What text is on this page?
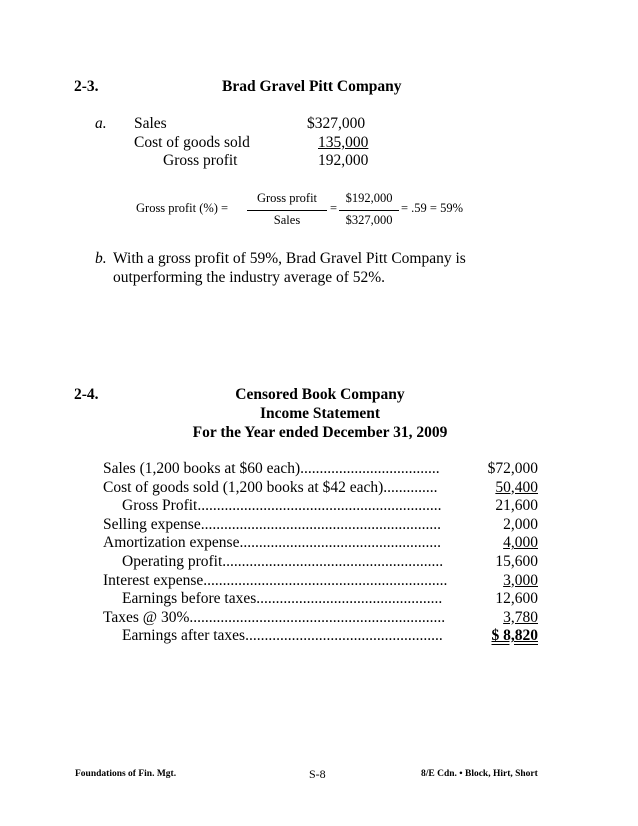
2-3.	Brad Gravel Pitt Company
a. Sales	$327,000
Cost of goods sold	135,000
Gross profit	192,000
Gross profit (%) =
Gross profit
Sales
=
$192,000
$327,000
= .59 = 59%
b. With a gross profit of 59%, Brad Gravel Pitt Company is
outperforming the industry average of 52%.
2-4.	Censored Book Company
Income Statement
For the Year ended December 31, 2009
Sales (1,200 books at $60 each)....................................	$72,000
Cost of goods sold (1,200 books at $42 each)..............	50,400
Gross Profit...............................................................	21,600
Selling expense..............................................................	2,000
Amortization expense....................................................	4,000
Operating profit.........................................................	15,600
Interest expense...............................................................	3,000
Earnings before taxes................................................	12,600
Taxes @ 30%..................................................................	3,780
Earnings after taxes...................................................	$ 8,820
Foundations of Fin. Mgt.	S-8	8/E Cdn. • Block, Hirt, Short
